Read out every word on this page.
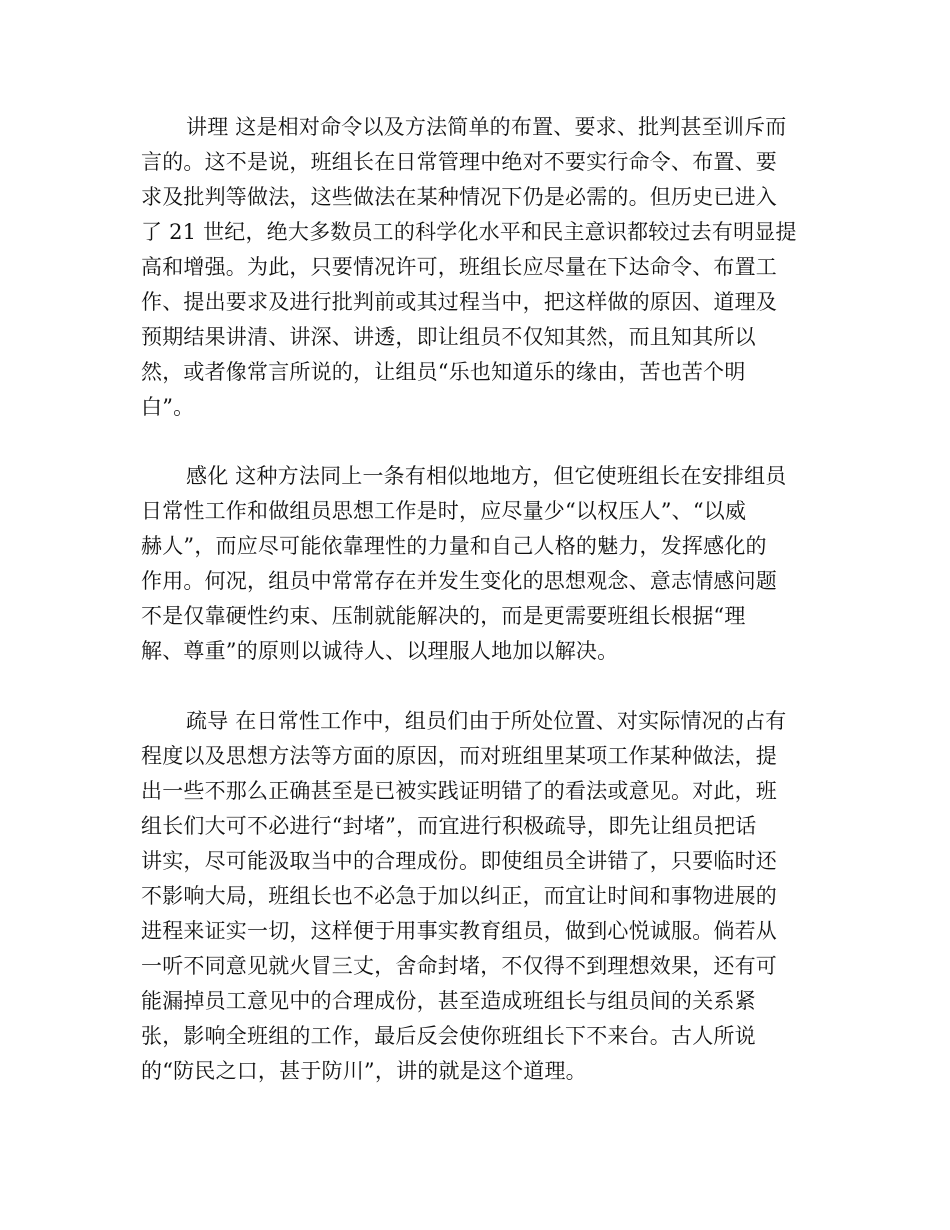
讲理 这是相对命令以及方法简单的布置、要求、批判甚至训斥而
言的。这不是说，班组长在日常管理中绝对不要实行命令、布置、要
求及批判等做法，这些做法在某种情况下仍是必需的。但历史已进入
了 21 世纪，绝大多数员工的科学化水平和民主意识都较过去有明显提
高和增强。为此，只要情况许可，班组长应尽量在下达命令、布置工
作、提出要求及进行批判前或其过程当中，把这样做的原因、道理及
预期结果讲清、讲深、讲透，即让组员不仅知其然，而且知其所以
然，或者像常言所说的，让组员“乐也知道乐的缘由，苦也苦个明
白”。
感化 这种方法同上一条有相似地地方，但它使班组长在安排组员
日常性工作和做组员思想工作是时，应尽量少“以权压人”、“以威
赫人”，而应尽可能依靠理性的力量和自己人格的魅力，发挥感化的
作用。何况，组员中常常存在并发生变化的思想观念、意志情感问题
不是仅靠硬性约束、压制就能解决的，而是更需要班组长根据“理
解、尊重”的原则以诚待人、以理服人地加以解决。
疏导 在日常性工作中，组员们由于所处位置、对实际情况的占有
程度以及思想方法等方面的原因，而对班组里某项工作某种做法，提
出一些不那么正确甚至是已被实践证明错了的看法或意见。对此，班
组长们大可不必进行“封堵”，而宜进行积极疏导，即先让组员把话
讲实，尽可能汲取当中的合理成份。即使组员全讲错了，只要临时还
不影响大局，班组长也不必急于加以纠正，而宜让时间和事物进展的
进程来证实一切，这样便于用事实教育组员，做到心悦诚服。倘若从
一听不同意见就火冒三丈，舍命封堵，不仅得不到理想效果，还有可
能漏掉员工意见中的合理成份，甚至造成班组长与组员间的关系紧
张，影响全班组的工作，最后反会使你班组长下不来台。古人所说
的“防民之口，甚于防川”，讲的就是这个道理。
